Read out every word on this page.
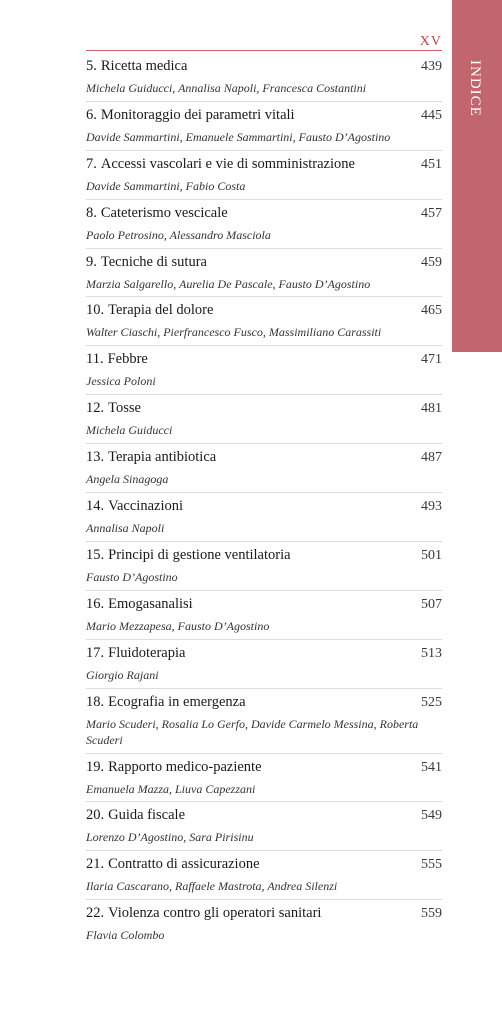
INDICE
XV
5. Ricetta medica	439
Michela Guiducci, Annalisa Napoli, Francesca Costantini
6. Monitoraggio dei parametri vitali	445
Davide Sammartini, Emanuele Sammartini, Fausto D’Agostino
7. Accessi vascolari e vie di somministrazione	451
Davide Sammartini, Fabio Costa
8. Cateterismo vescicale	457
Paolo Petrosino, Alessandro Masciola
9. Tecniche di sutura	459
Marzia Salgarello, Aurelia De Pascale, Fausto D’Agostino
10. Terapia del dolore	465
Walter Ciaschi, Pierfrancesco Fusco, Massimiliano Carassiti
11. Febbre	471
Jessica Poloni
12. Tosse	481
Michela Guiducci
13. Terapia antibiotica	487
Angela Sinagoga
14. Vaccinazioni	493
Annalisa Napoli
15. Principi di gestione ventilatoria	501
Fausto D’Agostino
16. Emogasanalisi	507
Mario Mezzapesa, Fausto D’Agostino
17. Fluidoterapia	513
Giorgio Rajani
18. Ecografia in emergenza	525
Mario Scuderi, Rosalia Lo Gerfo, Davide Carmelo Messina, Roberta Scuderi
19. Rapporto medico-paziente	541
Emanuela Mazza, Liuva Capezzani
20. Guida fiscale	549
Lorenzo D’Agostino, Sara Pirisinu
21. Contratto di assicurazione	555
Ilaria Cascarano, Raffaele Mastrota, Andrea Silenzi
22. Violenza contro gli operatori sanitari	559
Flavia Colombo
